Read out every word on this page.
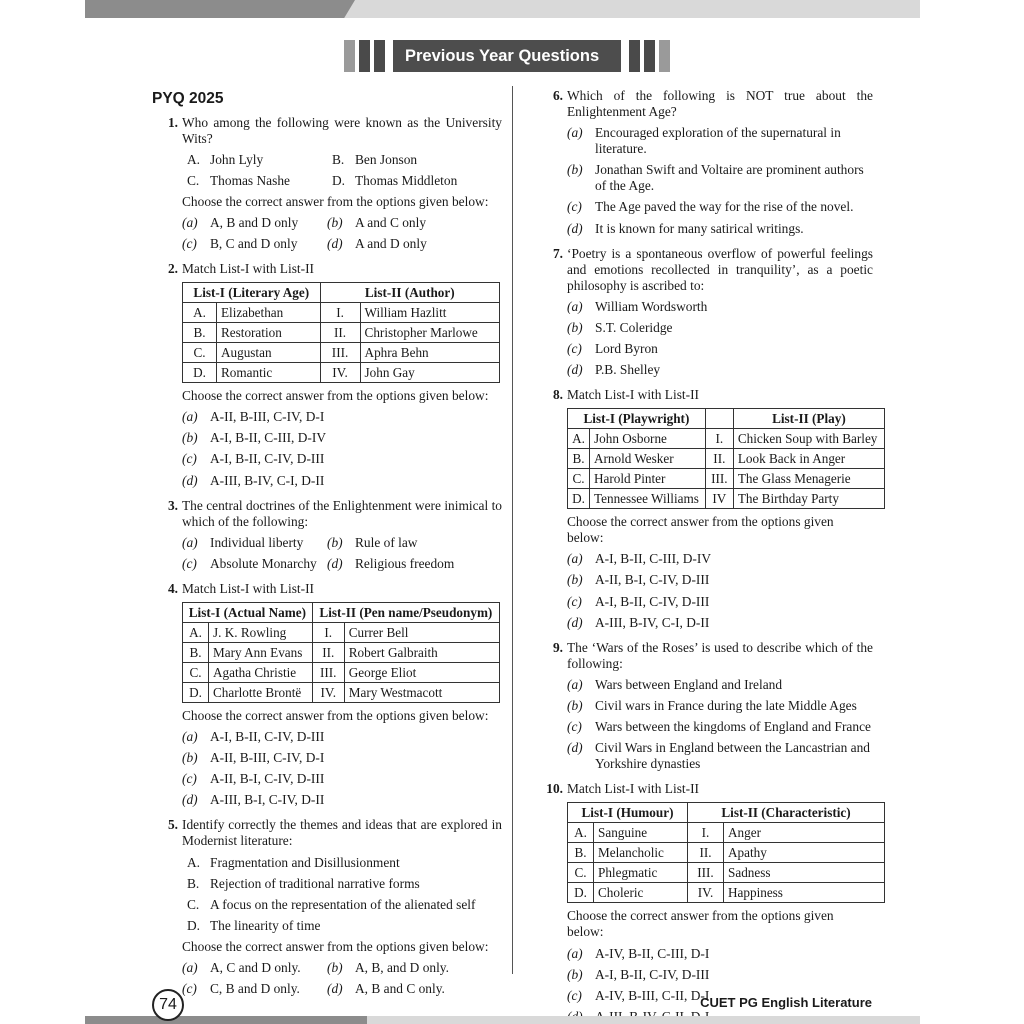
Previous Year Questions
PYQ 2025
1. Who among the following were known as the University Wits?
A. John Lyly	B. Ben Jonson
C. Thomas Nashe	D. Thomas Middleton
Choose the correct answer from the options given below:
(a) A, B and D only (b) A and C only
(c) B, C and D only (d) A and D only
2. Match List-I with List-II
List-I (Literary Age)		List-II (Author)	
A.	Elizabethan	I.	William Hazlitt
B.	Restoration	II.	Christopher Marlowe
C.	Augustan	III.	Aphra Behn
D.	Romantic	IV.	John Gay
Choose the correct answer from the options given below:
(a) A-II, B-III, C-IV, D-I
(b) A-I, B-II, C-III, D-IV
(c) A-I, B-II, C-IV, D-III
(d) A-III, B-IV, C-I, D-II
3. The central doctrines of the Enlightenment were inimical to which of the following:
(a) Individual liberty (b) Rule of law
(c) Absolute Monarchy (d) Religious freedom
4. Match List-I with List-II
List-I (Actual Name)		List-II (Pen name/Pseudonym)	
A.	J. K. Rowling	I.	Currer Bell
B.	Mary Ann Evans	II.	Robert Galbraith
C.	Agatha Christie	III.	George Eliot
D.	Charlotte Brontë	IV.	Mary Westmacott
Choose the correct answer from the options given below:
(a) A-I, B-II, C-IV, D-III
(b) A-II, B-III, C-IV, D-I
(c) A-II, B-I, C-IV, D-III
(d) A-III, B-I, C-IV, D-II
5. Identify correctly the themes and ideas that are explored in Modernist literature:
A. Fragmentation and Disillusionment
B. Rejection of traditional narrative forms
C. A focus on the representation of the alienated self
D. The linearity of time
Choose the correct answer from the options given below:
(a) A, C and D only. (b) A, B, and D only.
(c) C, B and D only. (d) A, B and C only.
6. Which of the following is NOT true about the Enlightenment Age?
(a) Encouraged exploration of the supernatural in literature.
(b) Jonathan Swift and Voltaire are prominent authors of the Age.
(c) The Age paved the way for the rise of the novel.
(d) It is known for many satirical writings.
7. ‘Poetry is a spontaneous overflow of powerful feelings and emotions recollected in tranquility’, as a poetic philosophy is ascribed to:
(a) William Wordsworth
(b) S.T. Coleridge
(c) Lord Byron
(d) P.B. Shelley
8. Match List-I with List-II
List-I (Playwright)			List-II (Play)
A.	John Osborne	I.	Chicken Soup with Barley
B.	Arnold Wesker	II.	Look Back in Anger
C.	Harold Pinter	III.	The Glass Menagerie
D.	Tennessee Williams	IV	The Birthday Party
Choose the correct answer from the options given below:
(a) A-I, B-II, C-III, D-IV
(b) A-II, B-I, C-IV, D-III
(c) A-I, B-II, C-IV, D-III
(d) A-III, B-IV, C-I, D-II
9. The ‘Wars of the Roses’ is used to describe which of the following:
(a) Wars between England and Ireland
(b) Civil wars in France during the late Middle Ages
(c) Wars between the kingdoms of England and France
(d) Civil Wars in England between the Lancastrian and Yorkshire dynasties
10. Match List-I with List-II
List-I (Humour)		List-II (Characteristic)	
A.	Sanguine	I.	Anger
B.	Melancholic	II.	Apathy
C.	Phlegmatic	III.	Sadness
D.	Choleric	IV.	Happiness
Choose the correct answer from the options given below:
(a) A-IV, B-II, C-III, D-I
(b) A-I, B-II, C-IV, D-III
(c) A-IV, B-III, C-II, D-I
74	CUET PG English Literature
